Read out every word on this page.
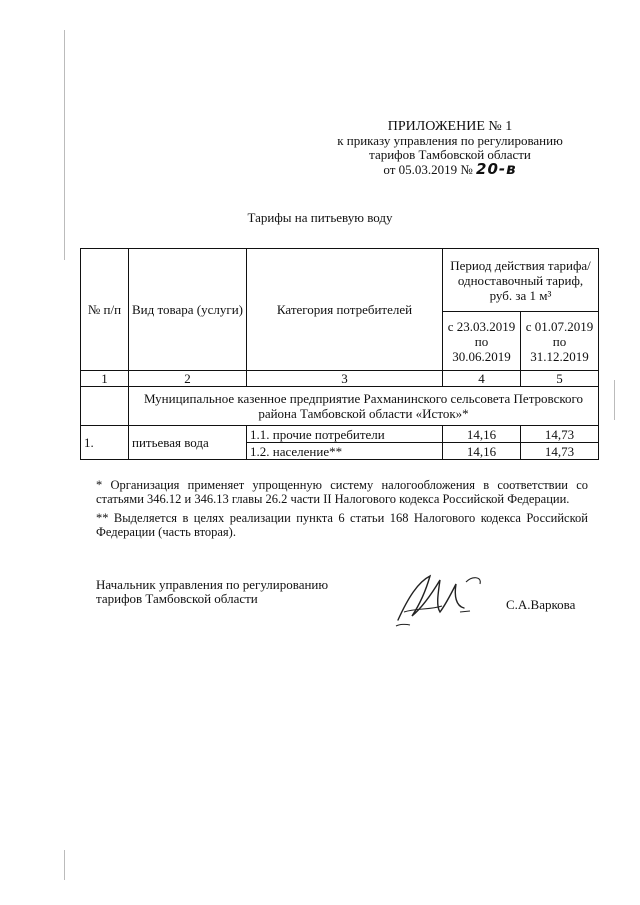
ПРИЛОЖЕНИЕ № 1
к приказу управления по регулированию
тарифов Тамбовской области
от 05.03.2019 № 20-в
Тарифы на питьевую воду
№ п/п	Вид товара (услуги)	Категория потребителей	Период действия тарифа/одноставочный тариф, руб. за 1 м³	
			с 23.03.2019 по 30.06.2019	с 01.07.2019 по 31.12.2019
1	2	3	4	5
	Муниципальное казенное предприятие Рахманинского сельсовета Петровского района Тамбовской области «Исток»*			
1.	питьевая вода	1.1. прочие потребители	14,16	14,73
		1.2. население**	14,16	14,73

* Организация применяет упрощенную систему налогообложения в соответствии со статьями 346.12 и 346.13 главы 26.2 части II Налогового кодекса Российской Федерации.

** Выделяется в целях реализации пункта 6 статьи 168 Налогового кодекса Российской Федерации (часть вторая).

Начальник управления по регулированию
тарифов Тамбовской области	С.А.Варкова
